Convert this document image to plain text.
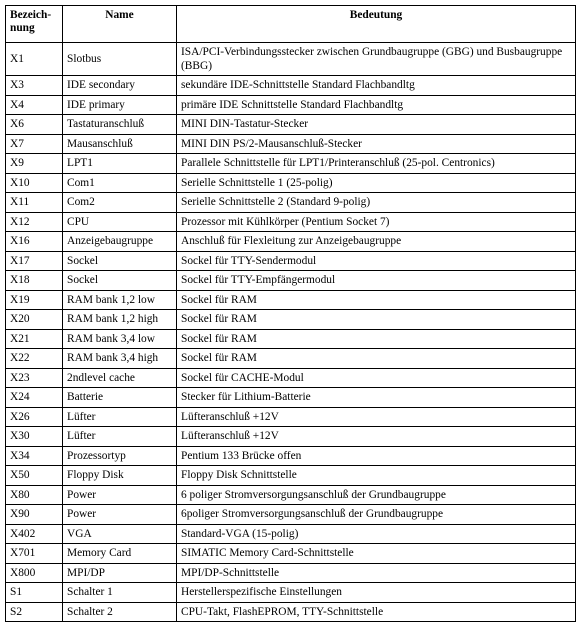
Bezeich-
nung	Name	Bedeutung
X1	Slotbus	ISA/PCI-Verbindungsstecker zwischen Grundbaugruppe (GBG) und Busbaugruppe (BBG)
X3	IDE secondary	sekundäre IDE-Schnittstelle Standard Flachbandltg
X4	IDE primary	primäre IDE Schnittstelle Standard Flachbandltg
X6	Tastaturanschluß	MINI DIN-Tastatur-Stecker
X7	Mausanschluß	MINI DIN PS/2-Mausanschluß-Stecker
X9	LPT1	Parallele Schnittstelle für LPT1/Printeranschluß (25-pol. Centronics)
X10	Com1	Serielle Schnittstelle 1 (25-polig)
X11	Com2	Serielle Schnittstelle 2 (Standard 9-polig)
X12	CPU	Prozessor mit Kühlkörper (Pentium Socket 7)
X16	Anzeigebaugruppe	Anschluß für Flexleitung zur Anzeigebaugruppe
X17	Sockel	Sockel für TTY-Sendermodul
X18	Sockel	Sockel für TTY-Empfängermodul
X19	RAM bank 1,2 low	Sockel für RAM
X20	RAM bank 1,2 high	Sockel für RAM
X21	RAM bank 3,4 low	Sockel für RAM
X22	RAM bank 3,4 high	Sockel für RAM
X23	2ndlevel cache	Sockel für CACHE-Modul
X24	Batterie	Stecker für Lithium-Batterie
X26	Lüfter	Lüfteranschluß +12V
X30	Lüfter	Lüfteranschluß +12V
X34	Prozessortyp	Pentium 133 Brücke offen
X50	Floppy Disk	Floppy Disk Schnittstelle
X80	Power	6 poliger Stromversorgungsanschluß der Grundbaugruppe
X90	Power	6poliger Stromversorgungsanschluß der Grundbaugruppe
X402	VGA	Standard-VGA (15-polig)
X701	Memory Card	SIMATIC Memory Card-Schnittstelle
X800	MPI/DP	MPI/DP-Schnittstelle
S1	Schalter 1	Herstellerspezifische Einstellungen
S2	Schalter 2	CPU-Takt, FlashEPROM, TTY-Schnittstelle
